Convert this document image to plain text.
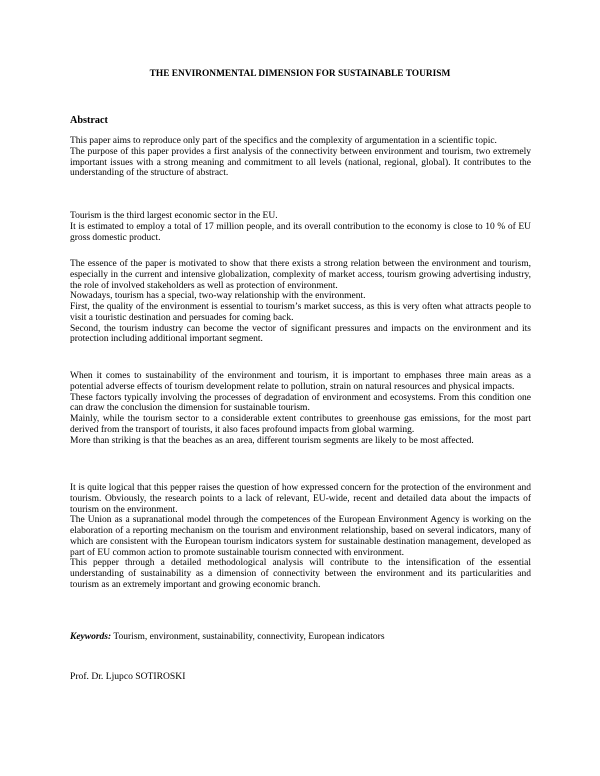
THE ENVIRONMENTAL DIMENSION FOR SUSTAINABLE TOURISM
Abstract

This paper aims to reproduce only part of the specifics and the complexity of argumentation in a scientific topic.

The purpose of this paper provides a first analysis of the connectivity between environment and tourism, two extremely important issues with a strong meaning and commitment to all levels (national, regional, global). It contributes to the understanding of the structure of abstract.

Tourism is the third largest economic sector in the EU.

It is estimated to employ a total of 17 million people, and its overall contribution to the economy is close to 10 % of EU gross domestic product.

The essence of the paper is motivated to show that there exists a strong relation between the environment and tourism, especially in the current and intensive globalization, complexity of market access, tourism growing advertising industry, the role of involved stakeholders as well as protection of environment.

Nowadays, tourism has a special, two-way relationship with the environment.

First, the quality of the environment is essential to tourism’s market success, as this is very often what attracts people to visit a touristic destination and persuades for coming back.

Second, the tourism industry can become the vector of significant pressures and impacts on the environment and its protection including additional important segment.

When it comes to sustainability of the environment and tourism, it is important to emphases three main areas as a potential adverse effects of tourism development relate to pollution, strain on natural resources and physical impacts.

These factors typically involving the processes of degradation of environment and ecosystems. From this condition one can draw the conclusion the dimension for sustainable tourism.

Mainly, while the tourism sector to a considerable extent contributes to greenhouse gas emissions, for the most part derived from the transport of tourists, it also faces profound impacts from global warming.

More than striking is that the beaches as an area, different tourism segments are likely to be most affected.

It is quite logical that this pepper raises the question of how expressed concern for the protection of the environment and tourism. Obviously, the research points to a lack of relevant, EU-wide, recent and detailed data about the impacts of tourism on the environment.

The Union as a supranational model through the competences of the European Environment Agency is working on the elaboration of a reporting mechanism on the tourism and environment relationship, based on several indicators, many of which are consistent with the European tourism indicators system for sustainable destination management, developed as part of EU common action to promote sustainable tourism connected with environment.

This pepper through a detailed methodological analysis will contribute to the intensification of the essential understanding of sustainability as a dimension of connectivity between the environment and its particularities and tourism as an extremely important and growing economic branch.

Keywords: Tourism, environment, sustainability, connectivity, European indicators

Prof. Dr. Ljupco SOTIROSKI
